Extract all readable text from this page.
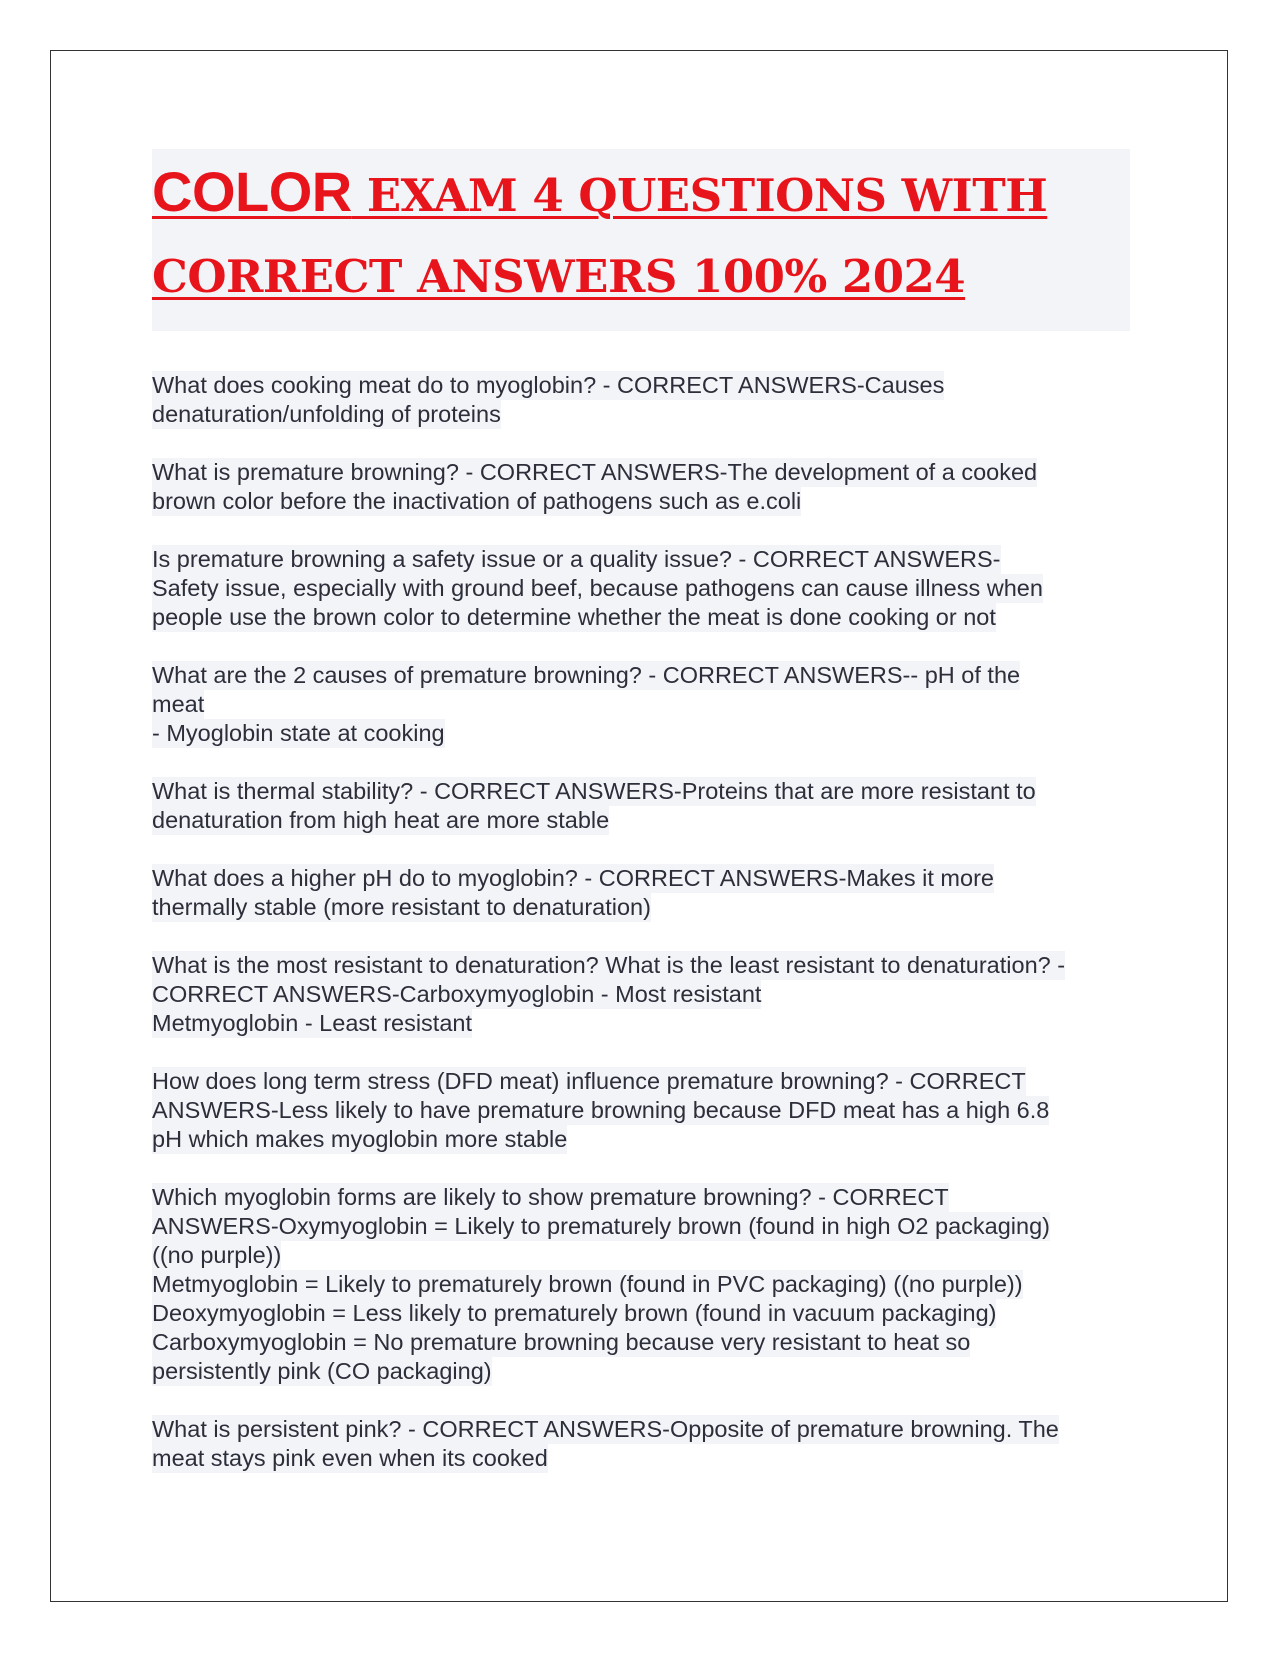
COLOR EXAM 4 QUESTIONS WITH

CORRECT ANSWERS 100% 2024

What does cooking meat do to myoglobin? - CORRECT ANSWERS-Causes
denaturation/unfolding of proteins
What is premature browning? - CORRECT ANSWERS-The development of a cooked
brown color before the inactivation of pathogens such as e.coli
Is premature browning a safety issue or a quality issue? - CORRECT ANSWERS-
Safety issue, especially with ground beef, because pathogens can cause illness when
people use the brown color to determine whether the meat is done cooking or not
What are the 2 causes of premature browning? - CORRECT ANSWERS-- pH of the
meat
- Myoglobin state at cooking
What is thermal stability? - CORRECT ANSWERS-Proteins that are more resistant to
denaturation from high heat are more stable
What does a higher pH do to myoglobin? - CORRECT ANSWERS-Makes it more
thermally stable (more resistant to denaturation)
What is the most resistant to denaturation? What is the least resistant to denaturation? -
CORRECT ANSWERS-Carboxymyoglobin - Most resistant
Metmyoglobin - Least resistant
How does long term stress (DFD meat) influence premature browning? - CORRECT
ANSWERS-Less likely to have premature browning because DFD meat has a high 6.8
pH which makes myoglobin more stable
Which myoglobin forms are likely to show premature browning? - CORRECT
ANSWERS-Oxymyoglobin = Likely to prematurely brown (found in high O2 packaging)
((no purple))
Metmyoglobin = Likely to prematurely brown (found in PVC packaging) ((no purple))
Deoxymyoglobin = Less likely to prematurely brown (found in vacuum packaging)
Carboxymyoglobin = No premature browning because very resistant to heat so
persistently pink (CO packaging)
What is persistent pink? - CORRECT ANSWERS-Opposite of premature browning. The
meat stays pink even when its cooked
